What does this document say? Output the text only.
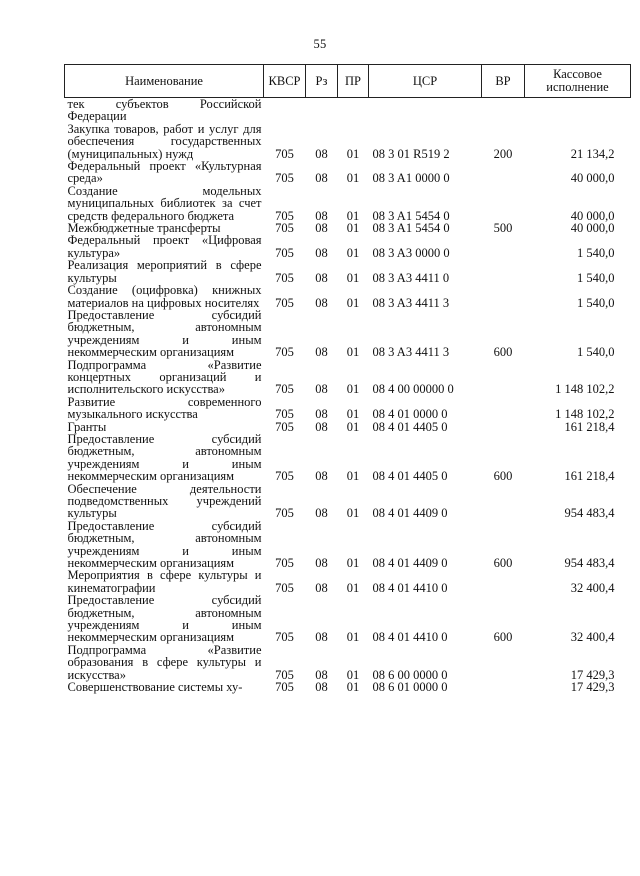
55
Наименование	КВСР	Рз	ПР	ЦСР	ВР	Кассовое исполнение
тек субъектов Российской Федерации						
Закупка товаров, работ и услуг для обеспечения государственных (муниципальных) нужд	705	08	01	08 3 01 R519 2	200	21 134,2
Федеральный проект «Культурная среда»	705	08	01	08 3 A1 0000 0		40 000,0
Создание модельных муниципальных библиотек за счет средств федерального бюджета	705	08	01	08 3 A1 5454 0		40 000,0
Межбюджетные трансферты	705	08	01	08 3 A1 5454 0	500	40 000,0
Федеральный проект «Цифровая культура»	705	08	01	08 3 A3 0000 0		1 540,0
Реализация мероприятий в сфере культуры	705	08	01	08 3 A3 4411 0		1 540,0
Создание (оцифровка) книжных материалов на цифровых носителях	705	08	01	08 3 A3 4411 3		1 540,0
Предоставление субсидий бюджетным, автономным учреждениям и иным некоммерческим организациям	705	08	01	08 3 A3 4411 3	600	1 540,0
Подпрограмма «Развитие концертных организаций и исполнительского искусства»	705	08	01	08 4 00 00000 0		1 148 102,2
Развитие современного музыкального искусства	705	08	01	08 4 01 0000 0		1 148 102,2
Гранты	705	08	01	08 4 01 4405 0		161 218,4
Предоставление субсидий бюджетным, автономным учреждениям и иным некоммерческим организациям	705	08	01	08 4 01 4405 0	600	161 218,4
Обеспечение деятельности подведомственных учреждений культуры	705	08	01	08 4 01 4409 0		954 483,4
Предоставление субсидий бюджетным, автономным учреждениям и иным некоммерческим организациям	705	08	01	08 4 01 4409 0	600	954 483,4
Мероприятия в сфере культуры и кинематографии	705	08	01	08 4 01 4410 0		32 400,4
Предоставление субсидий бюджетным, автономным учреждениям и иным некоммерческим организациям	705	08	01	08 4 01 4410 0	600	32 400,4
Подпрограмма «Развитие образования в сфере культуры и искусства»	705	08	01	08 6 00 0000 0		17 429,3
Совершенствование системы ху-	705	08	01	08 6 01 0000 0		17 429,3
